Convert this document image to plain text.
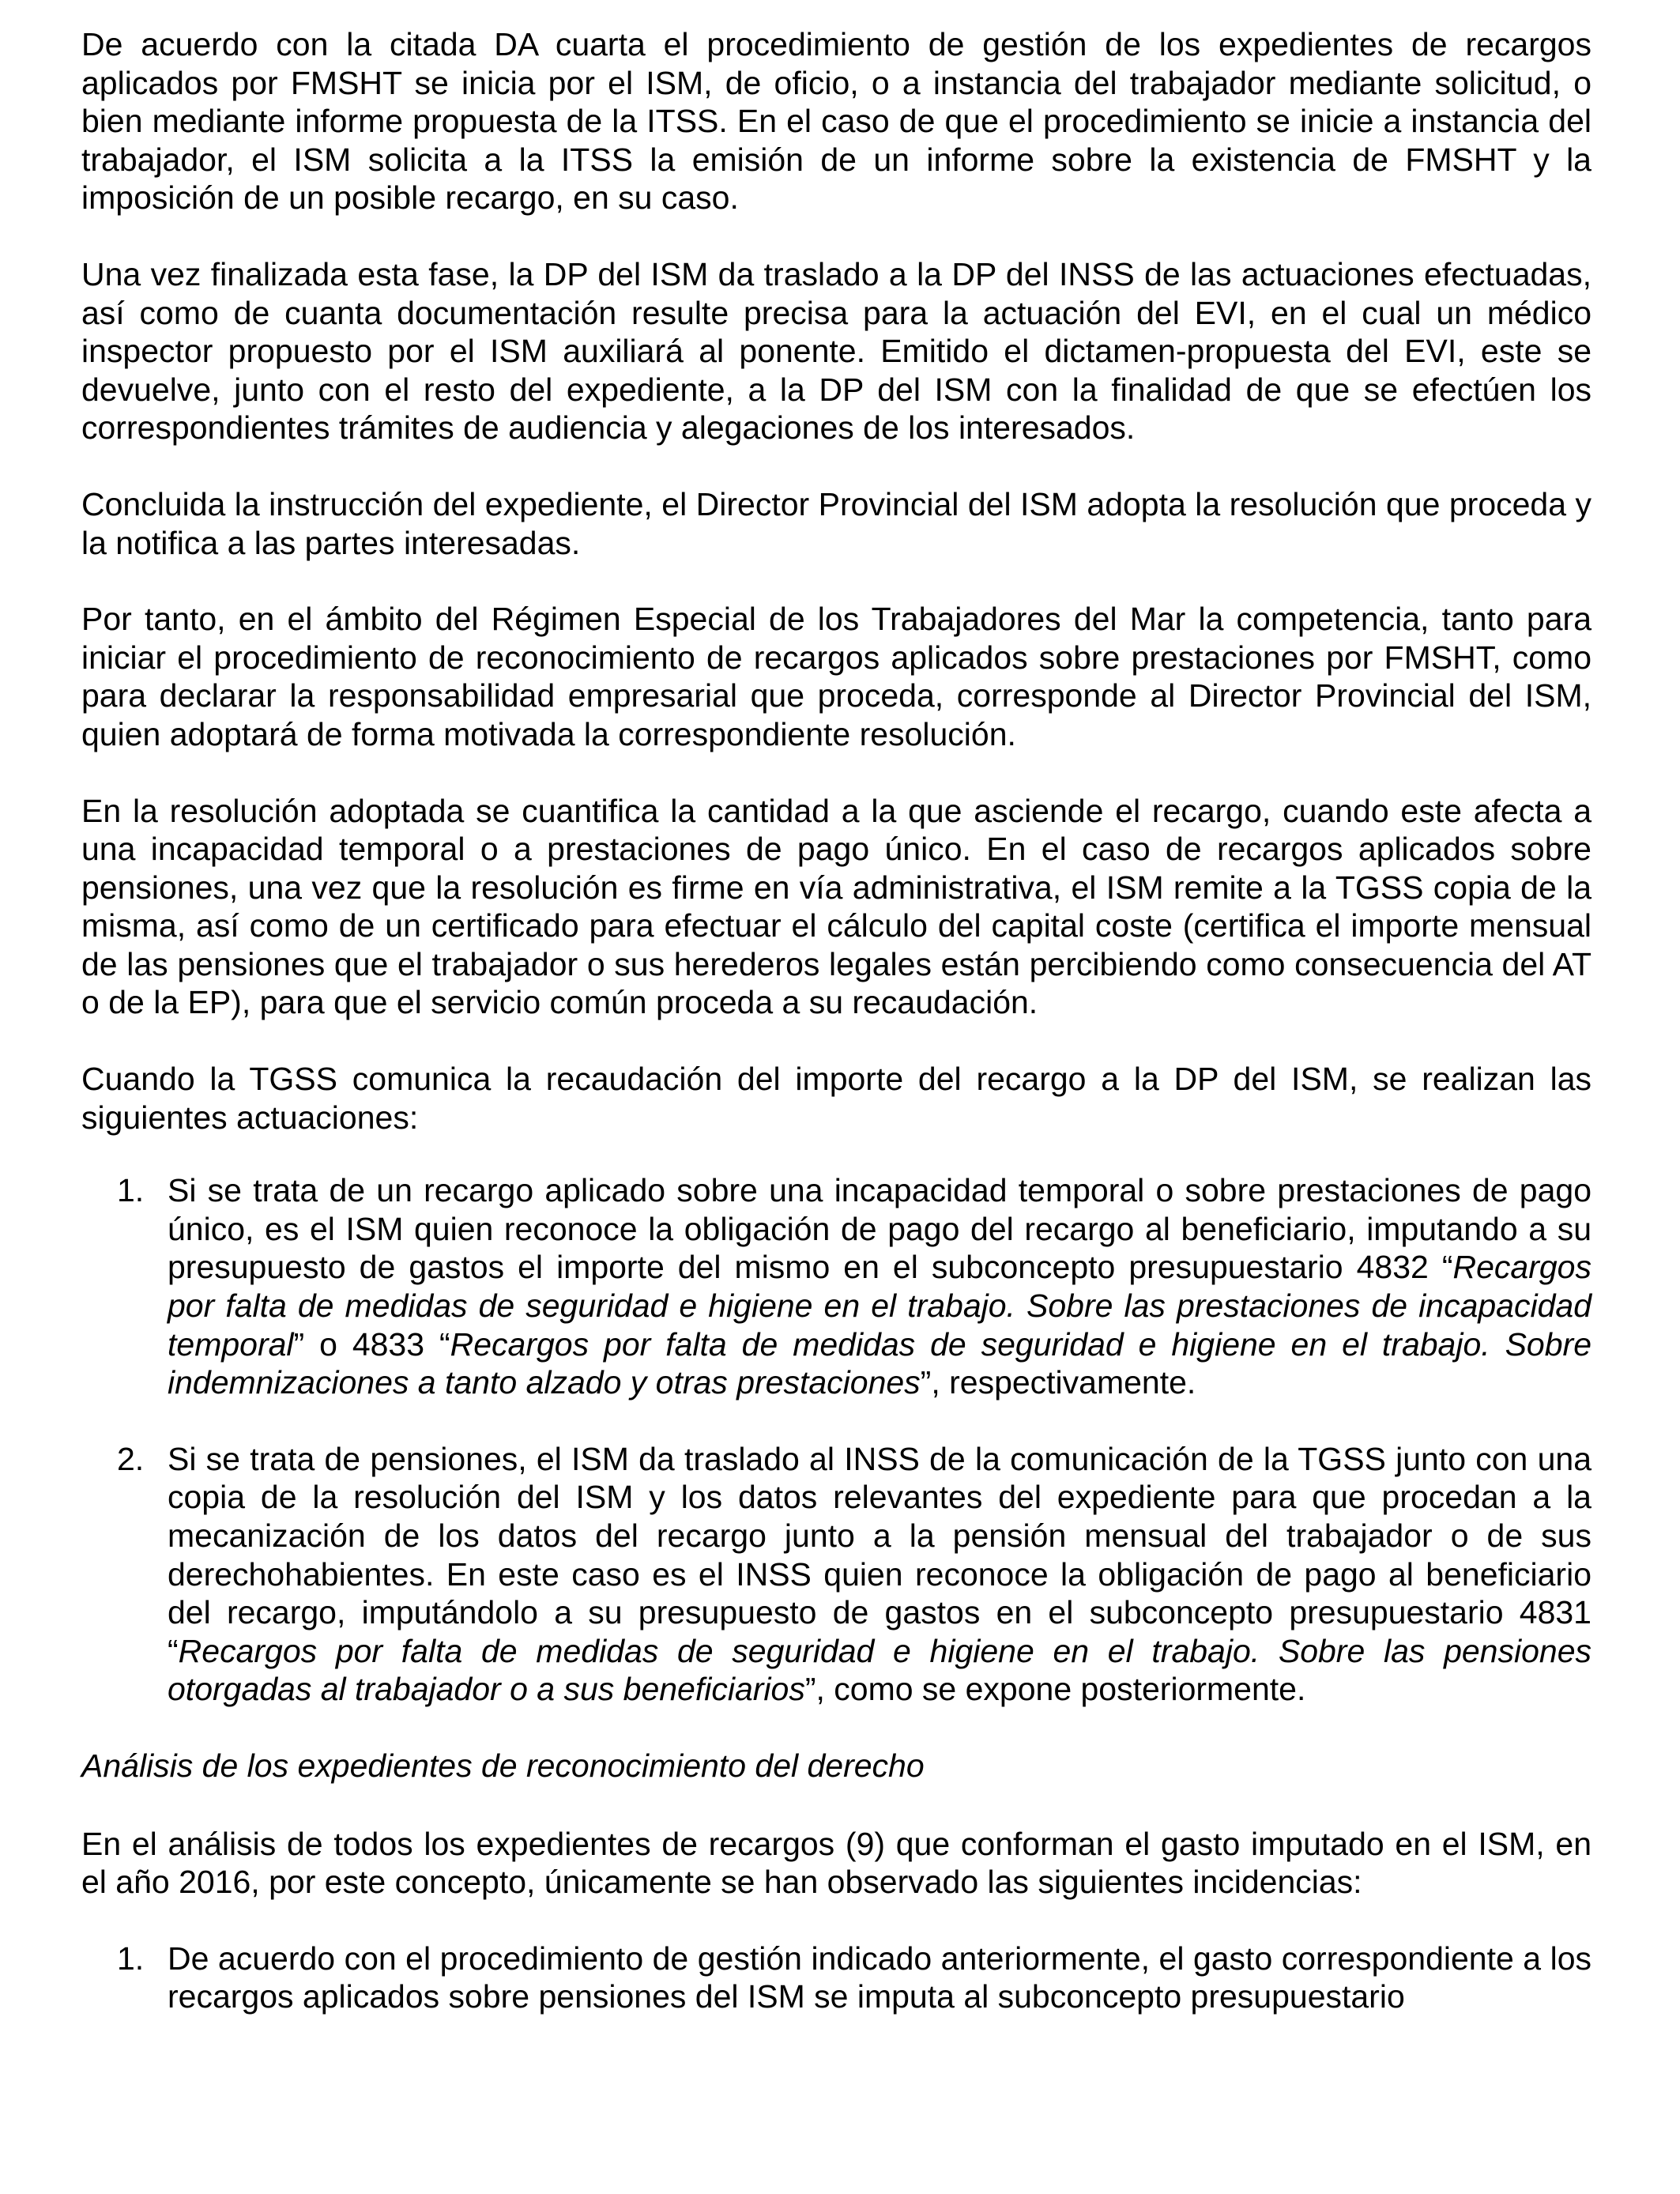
De acuerdo con la citada DA cuarta el procedimiento de gestión de los expedientes de recargos aplicados por FMSHT se inicia por el ISM, de oficio, o a instancia del trabajador mediante solicitud, o bien mediante informe propuesta de la ITSS. En el caso de que el procedimiento se inicie a instancia del trabajador, el ISM solicita a la ITSS la emisión de un informe sobre la existencia de FMSHT y la imposición de un posible recargo, en su caso.

Una vez finalizada esta fase, la DP del ISM da traslado a la DP del INSS de las actuaciones efectuadas, así como de cuanta documentación resulte precisa para la actuación del EVI, en el cual un médico inspector propuesto por el ISM auxiliará al ponente. Emitido el dictamen-propuesta del EVI, este se devuelve, junto con el resto del expediente, a la DP del ISM con la finalidad de que se efectúen los correspondientes trámites de audiencia y alegaciones de los interesados.

Concluida la instrucción del expediente, el Director Provincial del ISM adopta la resolución que proceda y la notifica a las partes interesadas.

Por tanto, en el ámbito del Régimen Especial de los Trabajadores del Mar la competencia, tanto para iniciar el procedimiento de reconocimiento de recargos aplicados sobre prestaciones por FMSHT, como para declarar la responsabilidad empresarial que proceda, corresponde al Director Provincial del ISM, quien adoptará de forma motivada la correspondiente resolución.

En la resolución adoptada se cuantifica la cantidad a la que asciende el recargo, cuando este afecta a una incapacidad temporal o a prestaciones de pago único. En el caso de recargos aplicados sobre pensiones, una vez que la resolución es firme en vía administrativa, el ISM remite a la TGSS copia de la misma, así como de un certificado para efectuar el cálculo del capital coste (certifica el importe mensual de las pensiones que el trabajador o sus herederos legales están percibiendo como consecuencia del AT o de la EP), para que el servicio común proceda a su recaudación.

Cuando la TGSS comunica la recaudación del importe del recargo a la DP del ISM, se realizan las siguientes actuaciones:

1. Si se trata de un recargo aplicado sobre una incapacidad temporal o sobre prestaciones de pago único, es el ISM quien reconoce la obligación de pago del recargo al beneficiario, imputando a su presupuesto de gastos el importe del mismo en el subconcepto presupuestario 4832 “Recargos por falta de medidas de seguridad e higiene en el trabajo. Sobre las prestaciones de incapacidad temporal” o 4833 “Recargos por falta de medidas de seguridad e higiene en el trabajo. Sobre indemnizaciones a tanto alzado y otras prestaciones”, respectivamente.
2. Si se trata de pensiones, el ISM da traslado al INSS de la comunicación de la TGSS junto con una copia de la resolución del ISM y los datos relevantes del expediente para que procedan a la mecanización de los datos del recargo junto a la pensión mensual del trabajador o de sus derechohabientes. En este caso es el INSS quien reconoce la obligación de pago al beneficiario del recargo, imputándolo a su presupuesto de gastos en el subconcepto presupuestario 4831 “Recargos por falta de medidas de seguridad e higiene en el trabajo. Sobre las pensiones otorgadas al trabajador o a sus beneficiarios”, como se expone posteriormente.

Análisis de los expedientes de reconocimiento del derecho

En el análisis de todos los expedientes de recargos (9) que conforman el gasto imputado en el ISM, en el año 2016, por este concepto, únicamente se han observado las siguientes incidencias:

1. De acuerdo con el procedimiento de gestión indicado anteriormente, el gasto correspondiente a los recargos aplicados sobre pensiones del ISM se imputa al subconcepto presupuestario
